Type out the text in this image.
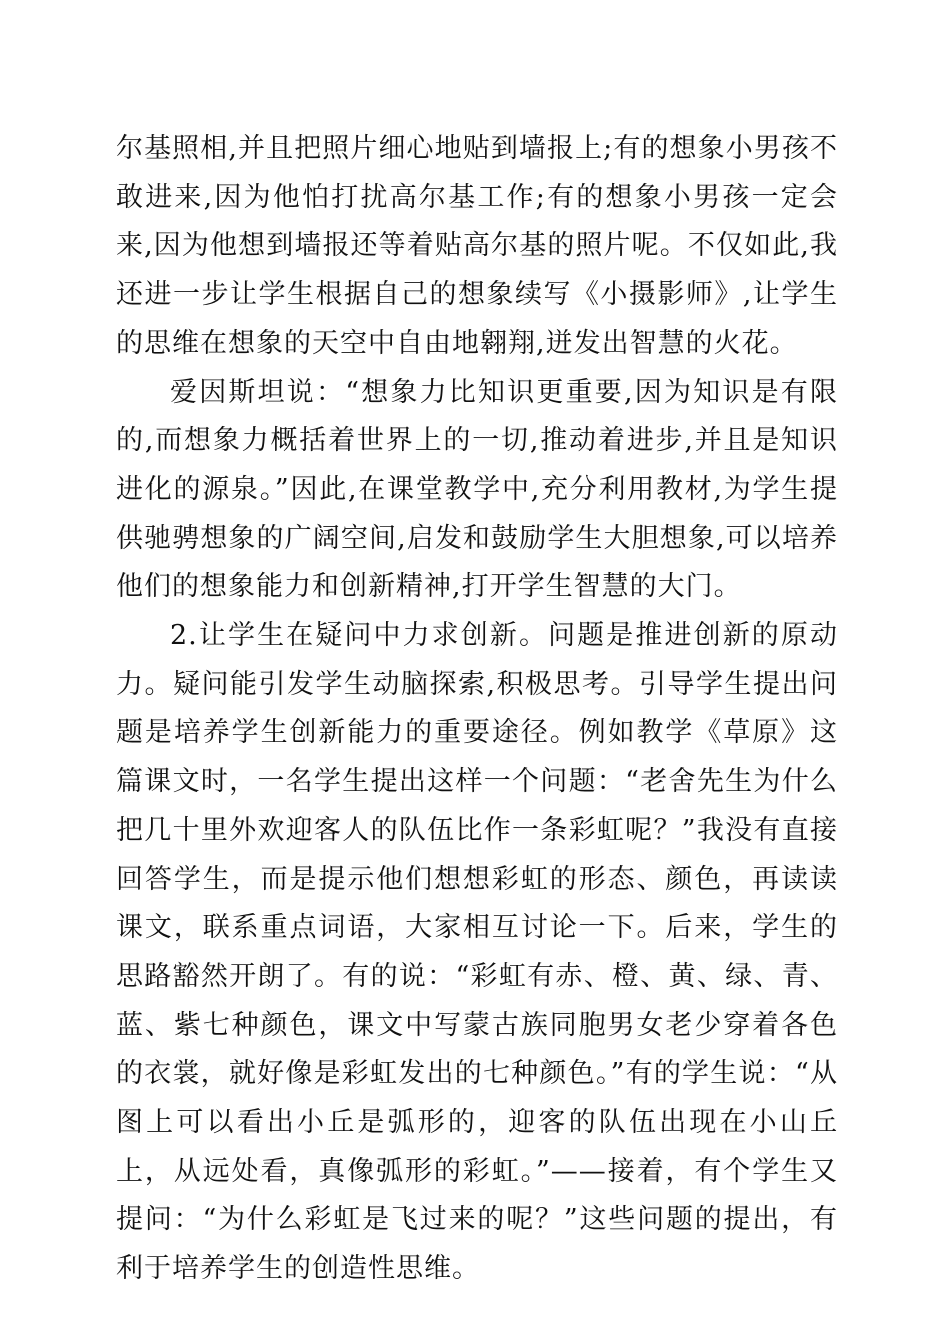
尔基照相,并且把照片细心地贴到墙报上;有的想象小男孩不敢进来,因为他怕打扰高尔基工作;有的想象小男孩一定会来,因为他想到墙报还等着贴高尔基的照片呢。不仅如此,我还进一步让学生根据自己的想象续写《小摄影师》,让学生的思维在想象的天空中自由地翱翔,迸发出智慧的火花。

爱因斯坦说：“想象力比知识更重要,因为知识是有限的,而想象力概括着世界上的一切,推动着进步,并且是知识进化的源泉。”因此,在课堂教学中,充分利用教材,为学生提供驰骋想象的广阔空间,启发和鼓励学生大胆想象,可以培养他们的想象能力和创新精神,打开学生智慧的大门。

2.让学生在疑问中力求创新。问题是推进创新的原动力。疑问能引发学生动脑探索,积极思考。引导学生提出问题是培养学生创新能力的重要途径。例如教学《草原》这篇课文时，一名学生提出这样一个问题：“老舍先生为什么把几十里外欢迎客人的队伍比作一条彩虹呢？”我没有直接回答学生，而是提示他们想想彩虹的形态、颜色，再读读课文，联系重点词语，大家相互讨论一下。后来，学生的思路豁然开朗了。有的说：“彩虹有赤、橙、黄、绿、青、蓝、紫七种颜色，课文中写蒙古族同胞男女老少穿着各色的衣裳，就好像是彩虹发出的七种颜色。”有的学生说：“从图上可以看出小丘是弧形的，迎客的队伍出现在小山丘上，从远处看，真像弧形的彩虹。”——接着，有个学生又提问：“为什么彩虹是飞过来的呢？”这些问题的提出，有利于培养学生的创造性思维。
